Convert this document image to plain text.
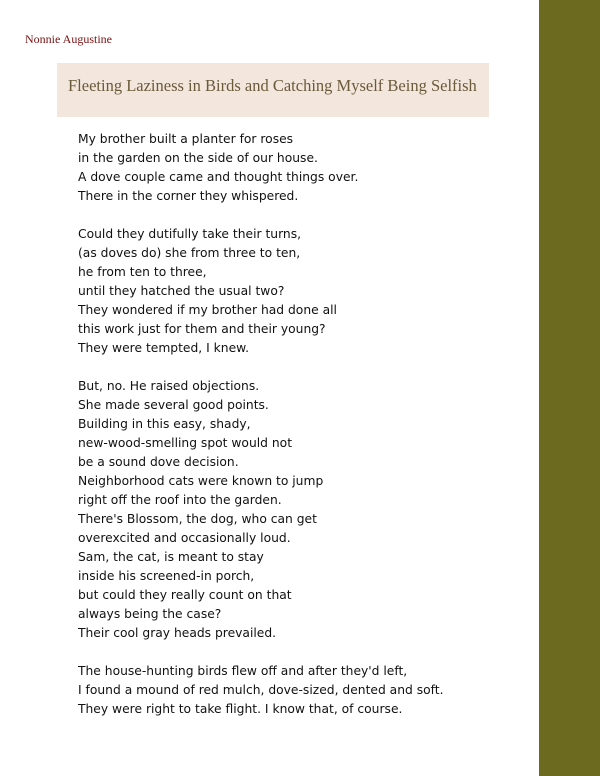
Nonnie Augustine
Fleeting Laziness in Birds and Catching Myself Being Selfish
My brother built a planter for roses
in the garden on the side of our house.
A dove couple came and thought things over.
There in the corner they whispered.
Could they dutifully take their turns,
(as doves do) she from three to ten,
he from ten to three,
until they hatched the usual two?
They wondered if my brother had done all
this work just for them and their young?
They were tempted, I knew.
But, no. He raised objections.
She made several good points.
Building in this easy, shady,
new-wood-smelling spot would not
be a sound dove decision.
Neighborhood cats were known to jump
right off the roof into the garden.
There's Blossom, the dog, who can get
overexcited and occasionally loud.
Sam, the cat, is meant to stay
inside his screened-in porch,
but could they really count on that
always being the case?
Their cool gray heads prevailed.
The house-hunting birds flew off and after they'd left,
I found a mound of red mulch, dove-sized, dented and soft.
They were right to take flight. I know that, of course.
